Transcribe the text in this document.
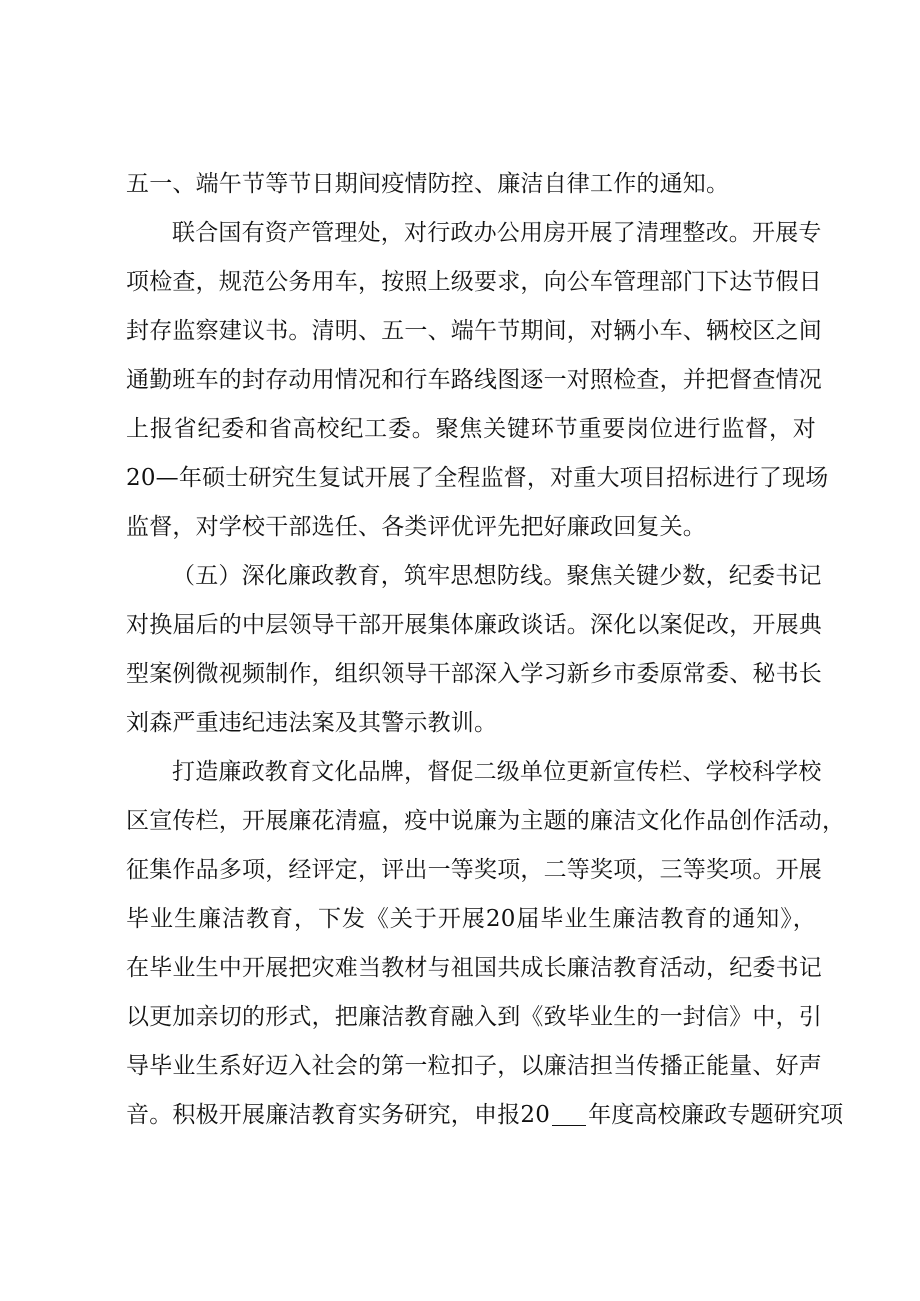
五一、端午节等节日期间疫情防控、廉洁自律工作的通知。
联合国有资产管理处，对行政办公用房开展了清理整改。开展专
项检查，规范公务用车，按照上级要求，向公车管理部门下达节假日
封存监察建议书。清明、五一、端午节期间，对辆小车、辆校区之间
通勤班车的封存动用情况和行车路线图逐一对照检查，并把督查情况
上报省纪委和省高校纪工委。聚焦关键环节重要岗位进行监督，对
20—年硕士研究生复试开展了全程监督，对重大项目招标进行了现场
监督，对学校干部选任、各类评优评先把好廉政回复关。
（五）深化廉政教育，筑牢思想防线。聚焦关键少数，纪委书记
对换届后的中层领导干部开展集体廉政谈话。深化以案促改，开展典
型案例微视频制作，组织领导干部深入学习新乡市委原常委、秘书长
刘森严重违纪违法案及其警示教训。
打造廉政教育文化品牌，督促二级单位更新宣传栏、学校科学校
区宣传栏，开展廉花清瘟，疫中说廉为主题的廉洁文化作品创作活动，
征集作品多项，经评定，评出一等奖项，二等奖项，三等奖项。开展
毕业生廉洁教育，下发《关于开展20届毕业生廉洁教育的通知》，
在毕业生中开展把灾难当教材与祖国共成长廉洁教育活动，纪委书记
以更加亲切的形式，把廉洁教育融入到《致毕业生的一封信》中，引
导毕业生系好迈入社会的第一粒扣子，以廉洁担当传播正能量、好声
音。积极开展廉洁教育实务研究，申报20 年度高校廉政专题研究项
